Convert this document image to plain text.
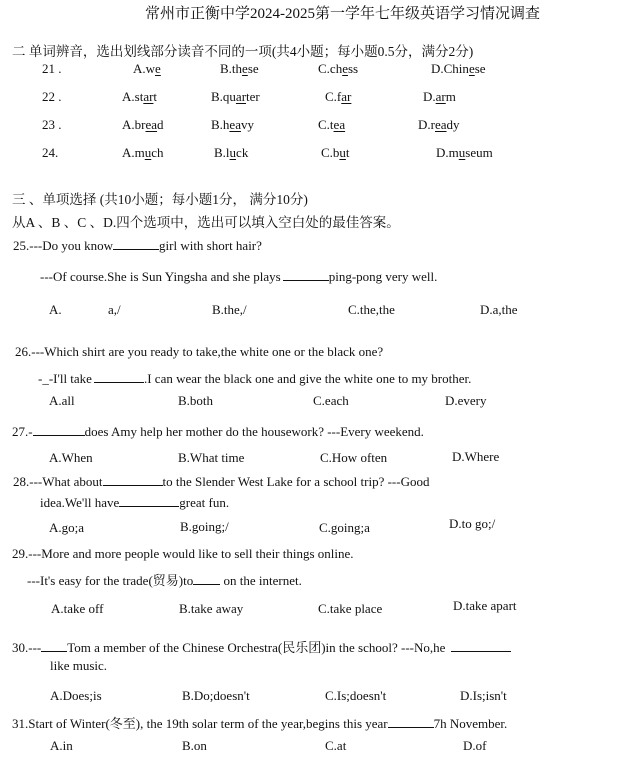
常州市正衡中学2024-2025第一学年七年级英语学习情况调查
二 单词辨音，选出划线部分读音不同的一项(共4小题；每小题0.5分，满分2分)
21 .	A.we	B.these	C.chess	D.Chinese
22 .	A.start	B.quarter	C.far	D.arm
23 .	A.bread	B.heavy	C.tea	D.ready
24.	A.much	B.luck	C.but	D.museum
三 、单项选择 (共10小题；每小题1分， 满分10分)
从A 、B 、C 、D.四个选项中，选出可以填入空白处的最佳答案。
25.---Do you know	girl with short hair?
---Of course.She is Sun Yingsha and she plays	ping-pong very well.
A.	a,/	B.the,/	C.the,the	D.a,the
26.---Which shirt are you ready to take,the white one or the black one?
-_-I'll take	.I can wear the black one and give the white one to my brother.
A.all	B.both	C.each	D.every
27.-	does Amy help her mother do the housework? ---Every weekend.
A.When	B.What time	C.How often	D.Where
28.---What about	to the Slender West Lake for a school trip? ---Good
idea.We'll have	great fun.
A.go;a	B.going;/	C.going;a	D.to go;/
29.---More and more people would like to sell their things online.
---It's easy for the trade(贸易)to on the internet.
A.take off	B.take away	C.take place	D.take apart
30.--- Tom a member of the Chinese Orchestra(民乐团)in the school? ---No,he
like music.
A.Does;is	B.Do;doesn't	C.Is;doesn't	D.Is;isn't
31.Start of Winter(冬至), the 19th solar term of the year,begins this year	7h November.
A.in	B.on	C.at	D.of
